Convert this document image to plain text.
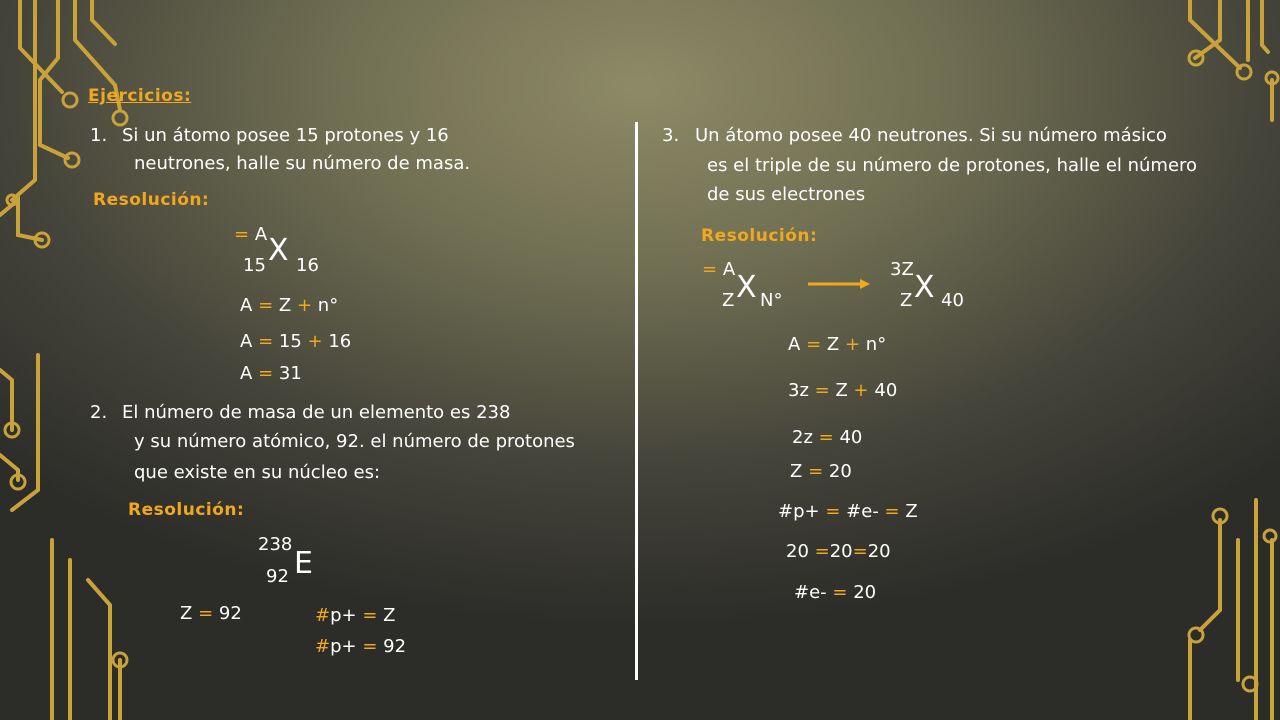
Ejercicios:
1. Si un átomo posee 15 protones y 16
neutrones, halle su número de masa.
Resolución:
= A X
15 16
A = Z + n°
A = 15 + 16
A = 31
2. El número de masa de un elemento es 238
y su número atómico, 92. el número de protones
que existe en su núcleo es:
Resolución:
238
92 E
Z = 92	#p+ = Z
#p+ = 92
3. Un átomo posee 40 neutrones. Si su número másico
es el triple de su número de protones, halle el número
de sus electrones
Resolución:
= A
X
Z N°
3Z
X
Z 40
A = Z + n°
3z = Z + 40
2z = 40
Z = 20
#p+ = #e- = Z
20 =20=20
#e- = 20
